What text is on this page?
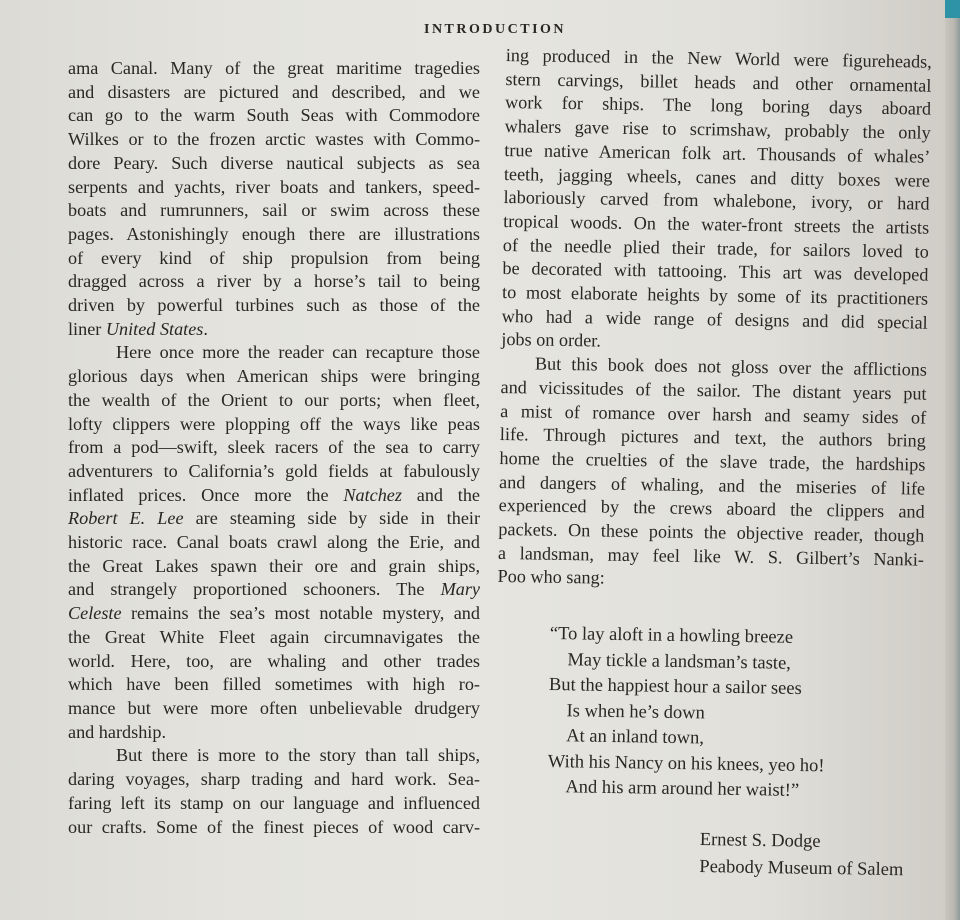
INTRODUCTION
ama Canal. Many of the great maritime tragedies
and disasters are pictured and described, and we
can go to the warm South Seas with Commodore
Wilkes or to the frozen arctic wastes with Commo-
dore Peary. Such diverse nautical subjects as sea
serpents and yachts, river boats and tankers, speed-
boats and rumrunners, sail or swim across these
pages. Astonishingly enough there are illustrations
of every kind of ship propulsion from being
dragged across a river by a horse’s tail to being
driven by powerful turbines such as those of the
liner United States.
Here once more the reader can recapture those
glorious days when American ships were bringing
the wealth of the Orient to our ports; when fleet,
lofty clippers were plopping off the ways like peas
from a pod—swift, sleek racers of the sea to carry
adventurers to California’s gold fields at fabulously
inflated prices. Once more the Natchez and the
Robert E. Lee are steaming side by side in their
historic race. Canal boats crawl along the Erie, and
the Great Lakes spawn their ore and grain ships,
and strangely proportioned schooners. The Mary
Celeste remains the sea’s most notable mystery, and
the Great White Fleet again circumnavigates the
world. Here, too, are whaling and other trades
which have been filled sometimes with high ro-
mance but were more often unbelievable drudgery
and hardship.
But there is more to the story than tall ships,
daring voyages, sharp trading and hard work. Sea-
faring left its stamp on our language and influenced
our crafts. Some of the finest pieces of wood carv-
ing produced in the New World were figureheads,
stern carvings, billet heads and other ornamental
work for ships. The long boring days aboard
whalers gave rise to scrimshaw, probably the only
true native American folk art. Thousands of whales’
teeth, jagging wheels, canes and ditty boxes were
laboriously carved from whalebone, ivory, or hard
tropical woods. On the water-front streets the artists
of the needle plied their trade, for sailors loved to
be decorated with tattooing. This art was developed
to most elaborate heights by some of its practitioners
who had a wide range of designs and did special
jobs on order.
But this book does not gloss over the afflictions
and vicissitudes of the sailor. The distant years put
a mist of romance over harsh and seamy sides of
life. Through pictures and text, the authors bring
home the cruelties of the slave trade, the hardships
and dangers of whaling, and the miseries of life
experienced by the crews aboard the clippers and
packets. On these points the objective reader, though
a landsman, may feel like W. S. Gilbert’s Nanki-
Poo who sang:
“To lay aloft in a howling breeze
May tickle a landsman’s taste,
But the happiest hour a sailor sees
Is when he’s down
At an inland town,
With his Nancy on his knees, yeo ho!
And his arm around her waist!”
Ernest S. Dodge
Peabody Museum of Salem
